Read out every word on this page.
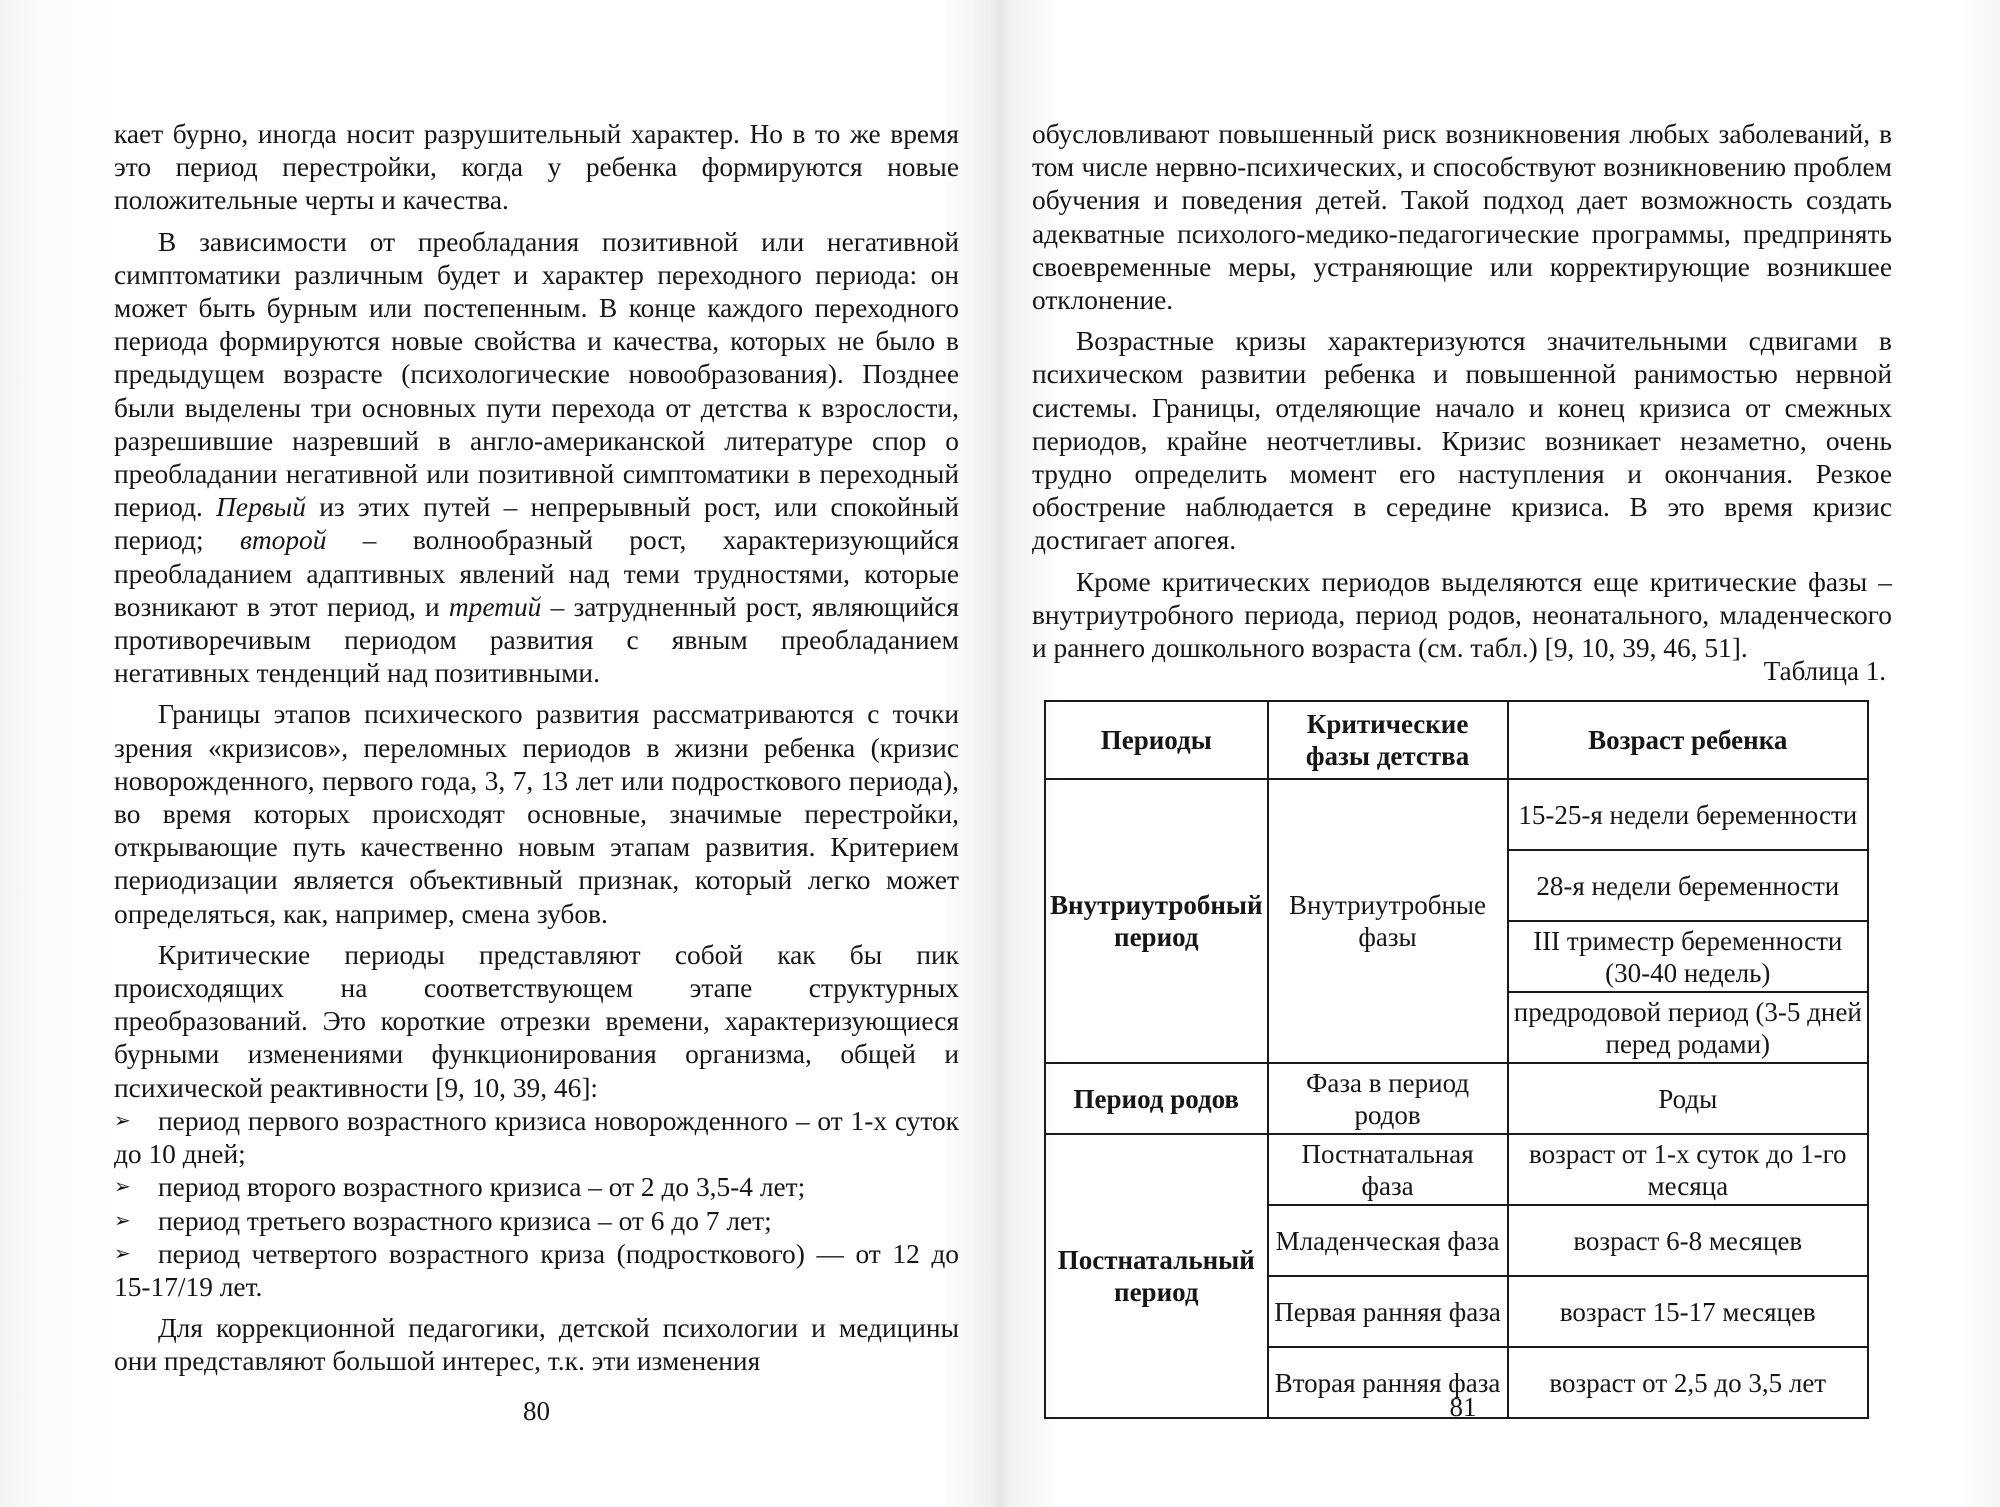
кает бурно, иногда носит разрушительный характер. Но в то же время это период перестройки, когда у ребенка формируются новые положительные черты и качества.

В зависимости от преобладания позитивной или негативной симптоматики различным будет и характер переходного периода: он может быть бурным или постепенным. В конце каждого переходного периода формируются новые свойства и качества, которых не было в предыдущем возрасте (психологические новообразования). Позднее были выделены три основных пути перехода от детства к взрослости, разрешившие назревший в англо-американской литературе спор о преобладании негативной или позитивной симптоматики в переходный период. Первый из этих путей – непрерывный рост, или спокойный период; второй – волнообразный рост, характеризующийся преобладанием адаптивных явлений над теми трудностями, которые возникают в этот период, и третий – затрудненный рост, являющийся противоречивым периодом развития с явным преобладанием негативных тенденций над позитивными.

Границы этапов психического развития рассматриваются с точки зрения «кризисов», переломных периодов в жизни ребенка (кризис новорожденного, первого года, 3, 7, 13 лет или подросткового периода), во время которых происходят основные, значимые перестройки, открывающие путь качественно новым этапам развития. Критерием периодизации является объективный признак, который легко может определяться, как, например, смена зубов.

Критические периоды представляют собой как бы пик происходящих на соответствующем этапе структурных преобразований. Это короткие отрезки времени, характеризующиеся бурными изменениями функционирования организма, общей и психической реактивности [9, 10, 39, 46]:

➢ период первого возрастного кризиса новорожденного – от 1-х суток до 10 дней;
➢ период второго возрастного кризиса – от 2 до 3,5-4 лет;
➢ период третьего возрастного кризиса – от 6 до 7 лет;
➢ период четвертого возрастного криза (подросткового) — от 12 до 15-17/19 лет.

Для коррекционной педагогики, детской психологии и медицины они представляют большой интерес, т.к. эти изменения

80

обусловливают повышенный риск возникновения любых заболеваний, в том числе нервно-психических, и способствуют возникновению проблем обучения и поведения детей. Такой подход дает возможность создать адекватные психолого-медико-педагогические программы, предпринять своевременные меры, устраняющие или корректирующие возникшее отклонение.

Возрастные кризы характеризуются значительными сдвигами в психическом развитии ребенка и повышенной ранимостью нервной системы. Границы, отделяющие начало и конец кризиса от смежных периодов, крайне неотчетливы. Кризис возникает незаметно, очень трудно определить момент его наступления и окончания. Резкое обострение наблюдается в середине кризиса. В это время кризис достигает апогея.

Кроме критических периодов выделяются еще критические фазы – внутриутробного периода, период родов, неонатального, младенческого и раннего дошкольного возраста (см. табл.) [9, 10, 39, 46, 51].

Таблица 1.
Периоды	Критические фазы детства	Возраст ребенка
Внутриутробный период	Внутриутробные фазы	15-25-я недели беременности
		28-я недели беременности
		III триместр беременности (30-40 недель)
		предродовой период (3-5 дней перед родами)
Период родов	Фаза в период родов	Роды
Постнатальный период	Постнатальная фаза	возраст от 1-х суток до 1-го месяца
	Младенческая фаза	возраст 6-8 месяцев
	Первая ранняя фаза	возраст 15-17 месяцев
	Вторая ранняя фаза	возраст от 2,5 до 3,5 лет
81
